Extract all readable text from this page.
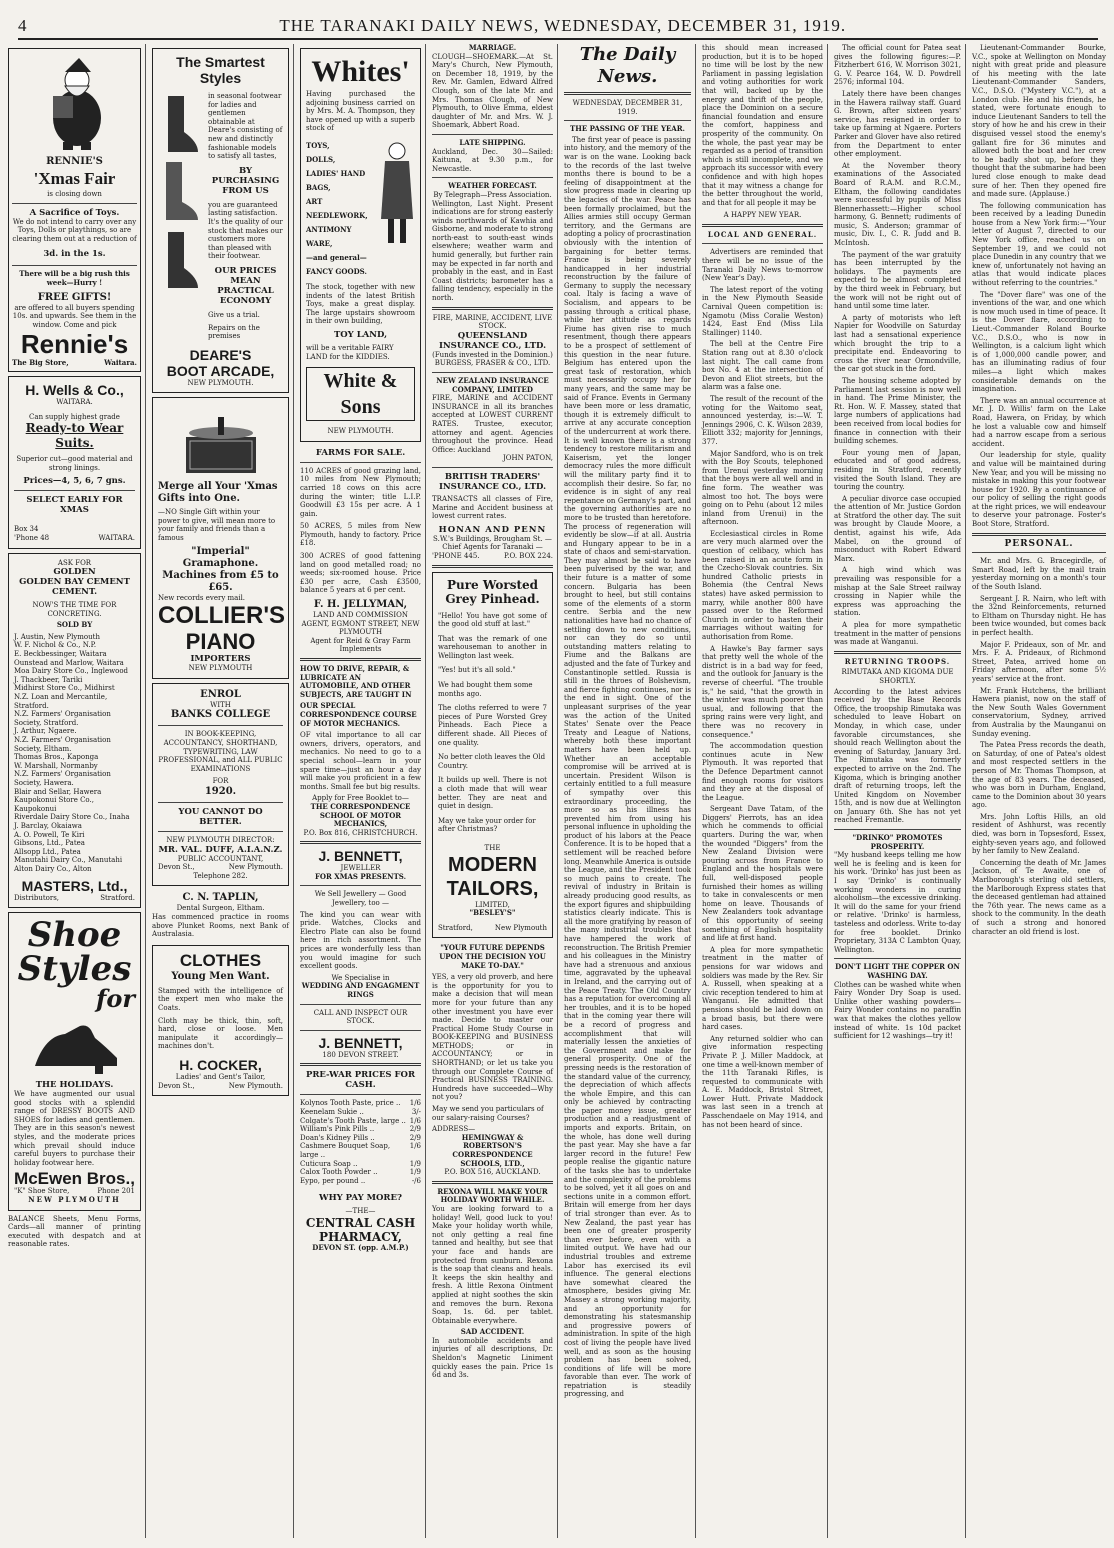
4	THE TARANAKI DAILY NEWS, WEDNESDAY, DECEMBER 31, 1919.
RENNIE'S
'Xmas Fair
is closing down
A Sacrifice of Toys.
We do not intend to carry over any Toys, Dolls or playthings, so are clearing them out at a reduction of
3d. in the 1s.
There will be a big rush this week—Hurry !
FREE GIFTS!
are offered to all buyers spending 10s. and upwards. See them in the window. Come and pick
Rennie's
The Big Store,	Waitara.
H. Wells & Co.,
WAITARA.
Can supply highest grade
Ready-to Wear Suits.
Superior cut—good material and strong linings.
Prices—4, 5, 6, 7 gns.
SELECT EARLY FOR XMAS
Box 34
'Phone 48	WAITARA.
ASK FOR
GOLDEN
GOLDEN BAY CEMENT
CEMENT.
NOW'S THE TIME FOR CONCRETING.
SOLD BY
J. Austin, New Plymouth
W. F. Nichol & Co., N.P.
E. Beckbessinger, Waitara
Ounstead and Marlow, Waitara
Moa Dairy Store Co., Inglewood
J. Thackbeer, Tariki
Midhirst Store Co., Midhirst
N.Z. Loan and Mercantile, Stratford.
N.Z. Farmers' Organisation Society, Stratford.
J. Arthur, Ngaere.
N.Z. Farmers' Organisation Society, Eltham.
Thomas Bros., Kaponga
W. Marshall, Normanby
N.Z. Farmers' Organisation Society, Hawera.
Blair and Sellar, Hawera
Kaupokonui Store Co., Kaupokonui
Riverdale Dairy Store Co., Inaha
J. Barclay, Okaiawa
A. O. Powell, Te Kiri
Gibsons, Ltd., Patea
Allsopp Ltd., Patea
Manutahi Dairy Co., Manutahi
Alton Dairy Co., Alton
MASTERS, Ltd.,
Distributors,	Stratford.
Shoe
Styles
for
THE HOLIDAYS.
We have augmented our usual good stocks with a splendid range of DRESSY BOOTS AND SHOES for ladies and gentlemen. They are in this season's newest styles, and the moderate prices which prevail should induce careful buyers to purchase their holiday footwear here.
McEwen Bros.,
"K" Shoe Store,	Phone 201
NEW PLYMOUTH
BALANCE Sheets, Menu Forms, Cards—all manner of printing executed with despatch and at reasonable rates.
The Smartest Styles
in seasonal footwear for ladies and gentlemen obtainable at Deare's consisting of new and distinctly fashionable models to satisfy all tastes,
BY PURCHASING FROM US
you are guaranteed lasting satisfaction. It's the quality of our stock that makes our customers more than pleased with their footwear.
OUR PRICES MEAN PRACTICAL ECONOMY
Give us a trial.
Repairs on the premises
DEARE'S
BOOT ARCADE,
NEW PLYMOUTH.
Merge all Your 'Xmas Gifts into One.
—NO Single Gift within your power to give, will mean more to your family and friends than a famous
"Imperial" Gramaphone.
Machines from £5 to £65.
New records every mail.
COLLIER'S
PIANO
IMPORTERS
NEW PLYMOUTH
ENROL
WITH
BANKS COLLEGE
IN BOOK-KEEPING, ACCOUNTANCY, SHORTHAND, TYPEWRITING, LAW PROFESSIONAL, and ALL PUBLIC EXAMINATIONS
FOR
1920.
YOU CANNOT DO BETTER.
NEW PLYMOUTH DIRECTOR:
MR. VAL. DUFF, A.I.A.N.Z.
PUBLIC ACCOUNTANT,
Devon St.,	New Plymouth.
Telephone 282.
C. N. TAPLIN,
Dental Surgeon, Eltham.
Has commenced practice in rooms above Plunket Rooms, next Bank of Australasia.
CLOTHES
Young Men Want.
Stamped with the intelligence of the expert men who make the Coats.
Cloth may be thick, thin, soft, hard, close or loose. Men manipulate it accordingly—machines don't.
H. COCKER,
Ladies' and Gent's Tailor,
Devon St.,	New Plymouth.
Whites'
Having purchased the adjoining business carried on by Mrs. M. A. Thompson, they have opened up with a superb stock of
TOYS,
DOLLS,
LADIES' HAND BAGS,
ART NEEDLEWORK,
ANTIMONY WARE,
—and general—
FANCY GOODS.
The stock, together with new indents of the latest British Toys, make a great display. The large upstairs showroom in their own building,
TOY LAND,
will be a veritable FAIRY LAND for the KIDDIES.
White & Sons
NEW PLYMOUTH.
FARMS FOR SALE.
110 ACRES of good grazing land, 10 miles from New Plymouth; carried 18 cows on this acre during the winter; title L.I.P. Goodwill £3 15s per acre. A 1 gain.
50 ACRES, 5 miles from New Plymouth, handy to factory. Price £18.
300 ACRES of good fattening land on good metalled road; no weeds; six-roomed house. Price £30 per acre, Cash £3500, balance 5 years at 6 per cent.
F. H. JELLYMAN,
LAND AND COMMISSION AGENT, EGMONT STREET, NEW PLYMOUTH
Agent for Reid & Gray Farm Implements
HOW TO DRIVE, REPAIR, & LUBRICATE AN AUTOMOBILE, AND OTHER SUBJECTS, ARE TAUGHT IN
OUR SPECIAL CORRESPONDENCE COURSE OF MOTOR MECHANICS.
OF vital importance to all car owners, drivers, operators, and mechanics. No need to go to a special school—learn in your spare time—just an hour a day will make you proficient in a few months. Small fee but big results.
Apply for Free Booklet to—
THE CORRESPONDENCE SCHOOL OF MOTOR MECHANICS,
P.O. Box 816, CHRISTCHURCH.
J. BENNETT,
JEWELLER
FOR XMAS PRESENTS.
We Sell Jewellery — Good Jewellery, too —
The kind you can wear with pride. Watches, Clocks and Electro Plate can also be found here in rich assortment. The prices are wonderfully less than you would imagine for such excellent goods.
We Specialise in
WEDDING AND ENGAGMENT RINGS
CALL AND INSPECT OUR STOCK.
J. BENNETT,
180 DEVON STREET.
PRE-WAR PRICES FOR CASH.
Kolynos Tooth Paste, price .. 1/6
Keenelam Sukie ..	3/-
Colgate's Tooth Paste, large .. 1/6
William's Pink Pills ..	2/9
Doan's Kidney Pills ..	2/9
Cashmere Bouquet Soap, large ..
1/6
Cuticura Soap ..	1/9
Calox Tooth Powder ..	1/9
Eypo, per pound ..	-/6
WHY PAY MORE?
—THE—
CENTRAL CASH PHARMACY,
DEVON ST. (opp. A.M.P.)
MARRIAGE.
CLOUGH—SHOEMARK.—At St. Mary's Church, New Plymouth, on December 18, 1919, by the Rev. Mr. Gamlen, Edward Alfred Clough, son of the late Mr. and Mrs. Thomas Clough, of New Plymouth, to Olive Emma, eldest daughter of Mr. and Mrs. W. J. Shoemark, Abbert Road.
LATE SHIPPING.
Auckland, Dec. 30—Sailed: Kaituna, at 9.30 p.m., for Newcastle.
WEATHER FORECAST.
By Telegraph—Press Association.
Wellington, Last Night. Present indications are for strong easterly winds northwards of Kawhia and Gisborne, and moderate to strong north-east to south-east winds elsewhere; weather warm and humid generally, but further rain may be expected in far north and probably in the east, and in East Coast districts; barometer has a falling tendency, especially in the north.
FIRE, MARINE, ACCIDENT, LIVE STOCK.
QUEENSLAND INSURANCE CO., LTD.
(Funds invested in the Dominion.)
BURGESS, FRASER & CO., LTD.
NEW ZEALAND INSURANCE COMPANY, LIMITED
FIRE, MARINE and ACCIDENT INSURANCE in all its branches accepted at LOWEST CURRENT RATES. Trustee, executor, attorney and agent. Agencies throughout the province. Head Office: Auckland
JOHN PATON,
BRITISH TRADERS' INSURANCE CO., LTD.
TRANSACTS all classes of Fire, Marine and Accident business at lowest current rates.
HONAN AND PENN
S.W.'s Buildings, Brougham St. — Chief Agents for Taranaki —
'PHONE 445.	P.O. BOX 224.
Pure Worsted
Grey Pinhead.
"Hello! You have got some of the good old stuff at last."
That was the remark of one warehouseman to another in Wellington last week.
"Yes! but it's all sold."
We had bought them some months ago.
The cloths referred to were 7 pieces of Pure Worsted Grey Pinheads. Each Piece a different shade. All Pieces of one quality.
No better cloth leaves the Old Country.
It builds up well. There is not a cloth made that will wear better. They are neat and quiet in design.
May we take your order for after Christmas?
THE
MODERN
TAILORS,
LIMITED,
"BESLEY'S"
Stratford,	New Plymouth
"YOUR FUTURE DEPENDS UPON THE DECISION YOU MAKE TO-DAY."
YES, a very old proverb, and here is the opportunity for you to make a decision that will mean more for your future than any other investment you have ever made. Decide to master our Practical Home Study Course in BOOK-KEEPING and BUSINESS METHODS; or in ACCOUNTANCY; or in SHORTHAND; or let us take you through our Complete Course of Practical BUSINESS TRAINING. Hundreds have succeeded—Why not you?
May we send you particulars of our salary-raising Courses?
ADDRESS—
HEMINGWAY & ROBERTSON'S CORRESPONDENCE SCHOOLS, LTD.,
P.O. BOX 516, AUCKLAND.
REXONA WILL MAKE YOUR HOLIDAY WORTH WHILE.
You are looking forward to a holiday! Well, good luck to you! Make your holiday worth while, not only getting a real fine tanned and healthy, but see that your face and hands are protected from sunburn. Rexona is the soap that cleans and heals. It keeps the skin healthy and fresh. A little Rexona Ointment applied at night soothes the skin and removes the burn. Rexona Soap, 1s. 6d. per tablet. Obtainable everywhere.
SAD ACCIDENT.
In automobile accidents and injuries of all descriptions, Dr. Sheldon's Magnetic Liniment quickly eases the pain. Price 1s 6d and 3s.
The Daily News.
WEDNESDAY, DECEMBER 31, 1919.
THE PASSING OF THE YEAR.
The first year of peace is passing into history, and the memory of the war is on the wane. Looking back to the records of the last twelve months there is bound to be a feeling of disappointment at the slow progress made in clearing up the legacies of the war. Peace has been formally proclaimed, but the Allies armies still occupy German territory, and the Germans are adopting a policy of procrastination obviously with the intention of bargaining for better terms. France is being severely handicapped in her industrial reconstruction by the failure of Germany to supply the necessary coal. Italy is facing a wave of Socialism, and appears to be passing through a critical phase, while her attitude as regards Fiume has given rise to much resentment, though there appears to be a prospect of settlement of this question in the near future. Belgium has entered upon the great task of restoration, which must necessarily occupy her for many years, and the same may be said of France. Events in Germany have been more or less dramatic, though it is extremely difficult to arrive at any accurate conception of the undercurrent at work there. It is well known there is a strong tendency to restore militarism and Kaiserism, yet the longer democracy rules the more difficult will the military party find it to accomplish their desire. So far, no evidence is in sight of any real repentance on Germany's part, and the governing authorities are no more to be trusted than heretofore. The process of regeneration will evidently be slow—if at all. Austria and Hungary appear to be in a state of chaos and semi-starvation. They may almost be said to have been pulverised by the war, and their future is a matter of some concern. Bulgaria has been brought to heel, but still contains some of the elements of a storm centre. Serbia and the new nationalities have had no chance of settling down to new conditions, nor can they do so until outstanding matters relating to Fiume and the Balkans are adjusted and the fate of Turkey and Constantinople settled. Russia is still in the throes of Bolshevism, and fierce fighting continues, nor is the end in sight. One of the unpleasant surprises of the year was the action of the United States' Senate over the Peace Treaty and League of Nations, whereby both these important matters have been held up. Whether an acceptable compromise will be arrived at is uncertain. President Wilson is certainly entitled to a full measure of sympathy over this extraordinary proceeding, the more so as his illness has prevented him from using his personal influence in upholding the product of his labors at the Peace Conference. It is to be hoped that a settlement will be reached before long. Meanwhile America is outside the League, and the President took so much pains to create. The revival of industry in Britain is already producing good results, as the export figures and shipbuilding statistics clearly indicate. This is all the more gratifying by reason of the many industrial troubles that have hampered the work of reconstruction. The British Premier and his colleagues in the Ministry have had a strenuous and anxious time, aggravated by the upheaval in Ireland, and the carrying out of the Peace Treaty. The Old Country has a reputation for overcoming all her troubles, and it is to be hoped that in the coming year there will be a record of progress and accomplishment that will materially lessen the anxieties of the Government and make for general prosperity. One of the pressing needs is the restoration of the standard value of the currency, the depreciation of which affects the whole Empire, and this can only be achieved by contracting the paper money issue, greater production and a readjustment of imports and exports. Britain, on the whole, has done well during the past year. May she have a far larger record in the future! Few people realise the gigantic nature of the tasks she has to undertake and the complexity of the problems to be solved, yet it all goes on and sections unite in a common effort. Britain will emerge from her days of trial stronger than ever. As to New Zealand, the past year has been one of greater prosperity than ever before, even with a limited output. We have had our industrial troubles and extreme Labor has exercised its evil influence. The general elections have somewhat cleared the atmosphere, besides giving Mr. Massey a strong working majority, and an opportunity for demonstrating his statesmanship and progressive powers of administration. In spite of the high cost of living the people have lived well, and as soon as the housing problem has been solved, conditions of life will be more favorable than ever. The work of repatriation is steadily progressing, and
this should mean increased production, but it is to be hoped no time will be lost by the new Parliament in passing legislation and voting authorities for work that will, backed up by the energy and thrift of the people, place the Dominion on a secure financial foundation and ensure the comfort, happiness and prosperity of the community. On the whole, the past year may be regarded as a period of transition which is still incomplete, and we approach its successor with every confidence and with high hopes that it may witness a change for the better throughout the world, and that for all people it may be
A HAPPY NEW YEAR.
LOCAL AND GENERAL.
Advertisers are reminded that there will be no issue of the Taranaki Daily News to-morrow (New Year's Day).
The latest report of the voting in the New Plymouth Seaside Carnival Queen competition is: Ngamotu (Miss Coralie Weston) 1424, East End (Miss Lila Stallinger) 1140.
The bell at the Centre Fire Station rang out at 8.30 o'clock last night. The call came from box No. 4 at the intersection of Devon and Eliot streets, but the alarm was a false one.
The result of the recount of the voting for the Waitomo seat, announced yesterday, is:—W. T. Jennings 2906, C. K. Wilson 2839, Elliott 332; majority for Jennings, 377.
Major Sandford, who is on trek with the Boy Scouts, telephoned from Urenui yesterday morning that the boys were all well and in fine form. The weather was almost too hot. The boys were going on to Pehu (about 12 miles inland from Urenui) in the afternoon.
Ecclesiastical circles in Rome are very much alarmed over the question of celibacy, which has been raised in an acute form in the Czecho-Slovak countries. Six hundred Catholic priests in Bohemia (the Central News states) have asked permission to marry, while another 800 have passed over to the Reformed Church in order to hasten their marriages without waiting for authorisation from Rome.
A Hawke's Bay farmer says that pretty well the whole of the district is in a bad way for feed, and the outlook for January is the reverse of cheerful. "The trouble is," he said, "that the growth in the winter was much poorer than usual, and following that the spring rains were very light, and there was no recovery in consequence."
The accommodation question continues acute in New Plymouth. It was reported that the Defence Department cannot find enough rooms for visitors and they are at the disposal of the League.
Sergeant Dave Tatam, of the Diggers' Pierrots, has an idea which he commends to official quarters. During the war, when the wounded "Diggers" from the New Zealand Division were pouring across from France to England and the hospitals were full, well-disposed people furnished their homes as willing to take in convalescents or men home on leave. Thousands of New Zealanders took advantage of this opportunity of seeing something of English hospitality and life at first hand.
A plea for more sympathetic treatment in the matter of pensions for war widows and soldiers was made by the Rev. Sir A. Russell, when speaking at a civic reception tendered to him at Wanganui. He admitted that pensions should be laid down on a broad basis, but there were hard cases.
Any returned soldier who can give information respecting Private P. J. Miller Maddock, at one time a well-known member of the 11th Taranaki Rifles, is requested to communicate with A. E. Maddock, Bristol Street, Lower Hutt. Private Maddock was last seen in a trench at Passchendaele on May 1914, and has not been heard of since.
The official count for Patea seat gives the following figures:—P. Fitzherbert 616, W. Morrison 3021, G. V. Pearce 164, W. D. Powdrell 2576; informal 104.
Lately there have been changes in the Hawera railway staff. Guard G. Brown, after sixteen years' service, has resigned in order to take up farming at Ngaere. Porters Parker and Glover have also retired from the Department to enter other employment.
At the November theory examinations of the Associated Board of R.A.M. and R.C.M., Eltham, the following candidates were successful by pupils of Miss Blennerhassett:—Higher school harmony, G. Bennett; rudiments of music, S. Anderson; grammar of music, Div. I., C. R. Judd and B. McIntosh.
The payment of the war gratuity has been interrupted by the holidays. The payments are expected to be almost completed by the third week in February, but the work will not be right out of hand until some time later.
A party of motorists who left Napier for Woodville on Saturday last had a sensational experience which brought the trip to a precipitate end. Endeavoring to cross the river near Ormondville, the car got stuck in the ford.
The housing scheme adopted by Parliament last session is now well in hand. The Prime Minister, the Rt. Hon. W. F. Massey, stated that large numbers of applications had been received from local bodies for finance in connection with their building schemes.
Four young men of Japan, educated and of good address, residing in Stratford, recently visited the South Island. They are touring the country.
A peculiar divorce case occupied the attention of Mr. Justice Gordon at Stratford the other day. The suit was brought by Claude Moore, a dentist, against his wife, Ada Mabel, on the ground of misconduct with Robert Edward Marx.
A high wind which was prevailing was responsible for a mishap at the Sale Street railway crossing in Napier while the express was approaching the station.
A plea for more sympathetic treatment in the matter of pensions was made at Wanganui.
RETURNING TROOPS.
RIMUTAKA AND KIGOMA DUE SHORTLY.
According to the latest advices received by the Base Records Office, the troopship Rimutaka was scheduled to leave Hobart on Monday, in which case, under favorable circumstances, she should reach Wellington about the evening of Saturday, January 3rd. The Rimutaka was formerly expected to arrive on the 2nd. The Kigoma, which is bringing another draft of returning troops, left the United Kingdom on November 15th, and is now due at Wellington on January 6th. She has not yet reached Fremantle.
"DRINKO" PROMOTES PROSPERITY.
"My husband keeps telling me how well he is feeling and is keen for his work. 'Drinko' has just been as I say 'Drinko' is continually working wonders in curing alcoholism—the excessive drinking. It will do the same for your friend or relative. 'Drinko' is harmless, tasteless and odorless. Write to-day for free booklet. Drinko Proprietary, 313A C Lambton Quay, Wellington.
DON'T LIGHT THE COPPER ON WASHING DAY.
Clothes can be washed white when Fairy Wonder Dry Soap is used. Unlike other washing powders—Fairy Wonder contains no paraffin wax that makes the clothes yellow instead of white. 1s 10d packet sufficient for 12 washings—try it!
Lieutenant-Commander Bourke, V.C., spoke at Wellington on Monday night with great pride and pleasure of his meeting with the late Lieutenant-Commander Sanders, V.C., D.S.O. ("Mystery V.C."), at a London club. He and his friends, he stated, were fortunate enough to induce Lieutenant Sanders to tell the story of how he and his crew in their disguised vessel stood the enemy's gallant fire for 36 minutes and allowed both the boat and her crew to be badly shot up, before they thought that the submarine had been lured close enough to make dead sure of her. Then they opened fire and made sure. (Applause.)
The following communication has been received by a leading Dunedin house from a New York firm:—"Your letter of August 7, directed to our New York office, reached us on September 19, and we could not place Dunedin in any country that we knew of, unfortunately not having an atlas that would indicate places without referring to the countries."
The "Dover flare" was one of the inventions of the war, and one which is now much used in time of peace. It is the Dover flare, according to Lieut.-Commander Roland Bourke V.C., D.S.O., who is now in Wellington, is a calcium light which is of 1,000,000 candle power, and has an illuminating radius of four miles—a light which makes considerable demands on the imagination.
There was an annual occurrence at Mr. J. D. Willis' farm on the Lake Road, Hawera, on Friday, by which he lost a valuable cow and himself had a narrow escape from a serious accident.
Our leadership for style, quality and value will be maintained during New Year, and you will be missing no mistake in making this your footwear house for 1920. By a continuance of our policy of selling the right goods at the right prices, we will endeavour to deserve your patronage. Foster's Boot Store, Stratford.
PERSONAL.
Mr. and Mrs. G. Bracegirdle, of Smart Road, left by the mail train yesterday morning on a month's tour of the South Island.
Sergeant J. R. Nairn, who left with the 32nd Reinforcements, returned to Eltham on Thursday night. He has been twice wounded, but comes back in perfect health.
Major F. Prideaux, son of Mr. and Mrs. F. A. Prideaux, of Richmond Street, Patea, arrived home on Friday afternoon, after some 5½ years' service at the front.
Mr. Frank Hutchens, the brilliant Hawera pianist, now on the staff of the New South Wales Government conservatorium, Sydney, arrived from Australia by the Maunganui on Sunday evening.
The Patea Press records the death, on Saturday, of one of Patea's oldest and most respected settlers in the person of Mr. Thomas Thompson, at the age of 83 years. The deceased, who was born in Durham, England, came to the Dominion about 30 years ago.
Mrs. John Loftis Hills, an old resident of Ashhurst, was recently died, was born in Topsesford, Essex, eighty-seven years ago, and followed by her family to New Zealand.
Concerning the death of Mr. James Jackson, of Te Awaite, one of Marlborough's sterling old settlers, the Marlborough Express states that the deceased gentleman had attained the 76th year. The news came as a shock to the community. In the death of such a strong and honored character an old friend is lost.
